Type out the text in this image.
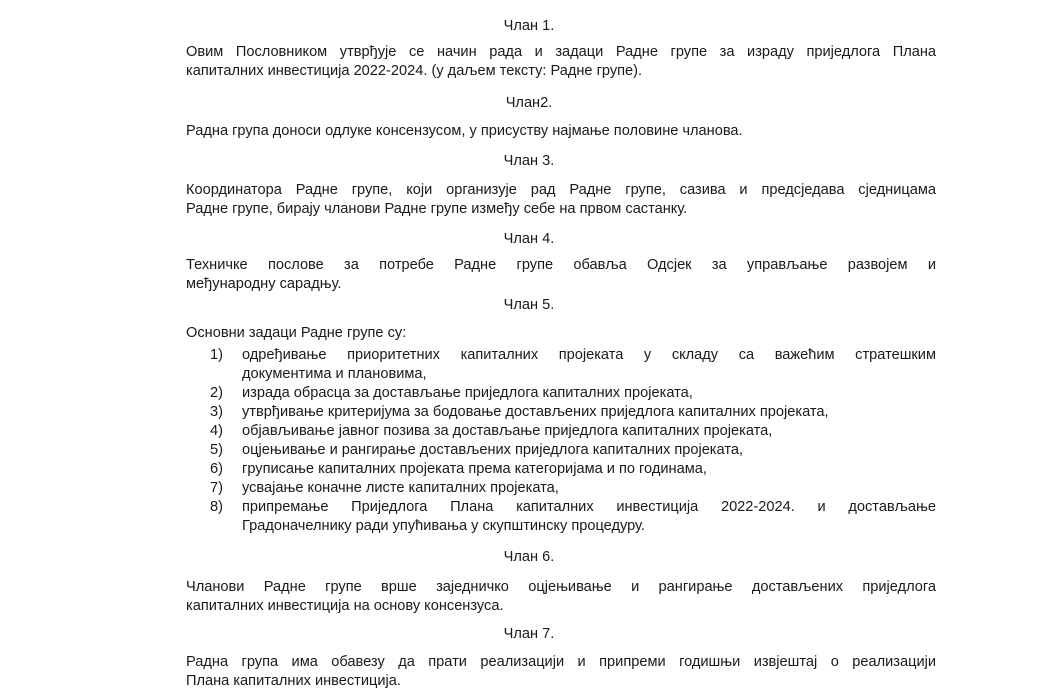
Члан 1.

Овим Пословником утврђује се начин рада и задаци Радне групе за израду приједлога Плана
капиталних инвестиција 2022-2024. (у даљем тексту: Радне групе).

Члан2.

Радна група доноси одлуке консензусом, у присуству најмање половине чланова.

Члан 3.

Координатора Радне групе, који организује рад Радне групе, сазива и предсједава сједницама
Радне групе, бирају чланови Радне групе између себе на првом састанку.

Члан 4.

Техничке послове за потребе Радне групе обавља Одсјек за управљање развојем и
међународну сарадњу.

Члан 5.

Основни задаци Радне групе су:

1) одређивање приоритетних капиталних пројеката у складу са важећим стратешким
документима и плановима,
2) израда обрасца за достављање приједлога капиталних пројеката,
3) утврђивање критеријума за бодовање достављених приједлога капиталних пројеката,
4) објављивање јавног позива за достављање приједлога капиталних пројеката,
5) оцјењивање и рангирање достављених приједлога капиталних пројеката,
6) груписање капиталних пројеката према категоријама и по годинама,
7) усвајање коначне листе капиталних пројеката,
8) припремање Приједлога Плана капиталних инвестиција 2022-2024. и достављање
Градоначелнику ради упућивања у скупштинску процедуру.

Члан 6.

Чланови Радне групе врше заједничко оцјењивање и рангирање достављених приједлога
капиталних инвестиција на основу консензуса.

Члан 7.

Радна група има обавезу да прати реализацији и припреми годишњи извјештај о реализацији
Плана капиталних инвестиција.
